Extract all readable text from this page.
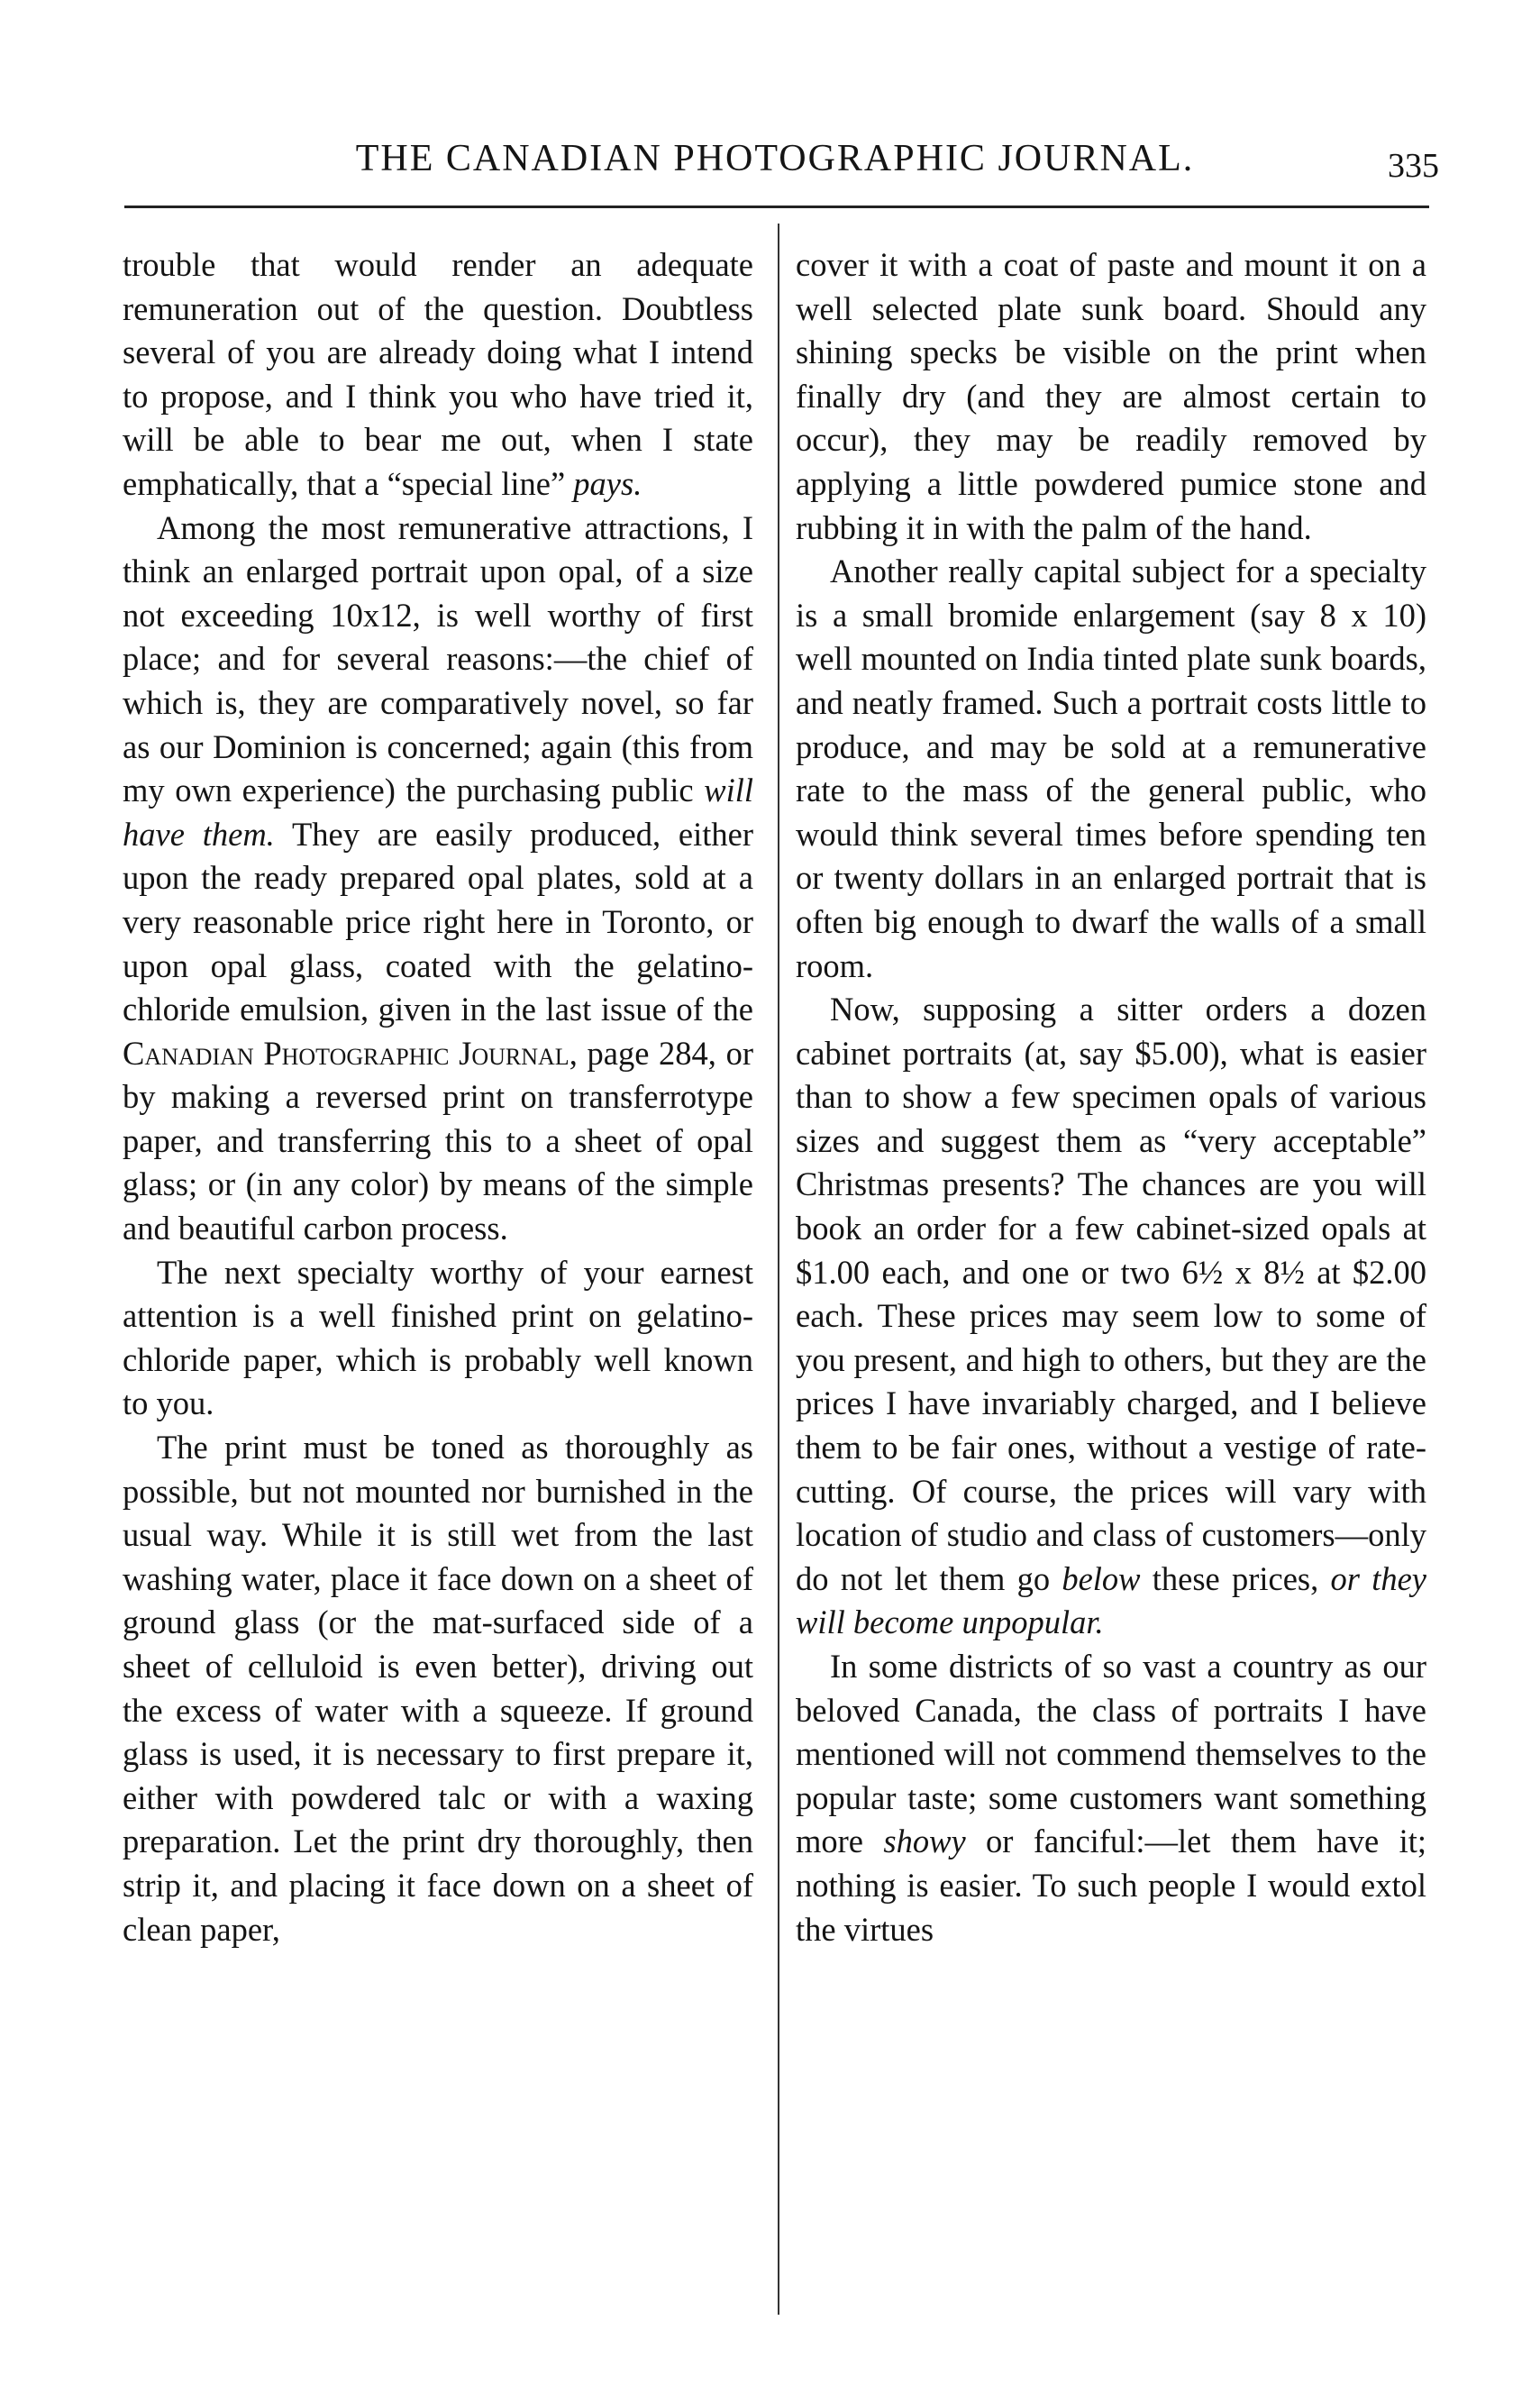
THE CANADIAN PHOTOGRAPHIC JOURNAL.	335

trouble that would render an adequate remuneration out of the question. Doubtless several of you are already doing what I intend to propose, and I think you who have tried it, will be able to bear me out, when I state emphatically, that a “special line” pays.

Among the most remunerative attractions, I think an enlarged portrait upon opal, of a size not exceeding 10x12, is well worthy of first place; and for several reasons:—the chief of which is, they are comparatively novel, so far as our Dominion is concerned; again (this from my own experience) the purchasing public will have them. They are easily produced, either upon the ready prepared opal plates, sold at a very reasonable price right here in Toronto, or upon opal glass, coated with the gelatino-chloride emulsion, given in the last issue of the Canadian Photographic Journal, page 284, or by making a reversed print on transferrotype paper, and transferring this to a sheet of opal glass; or (in any color) by means of the simple and beautiful carbon process.

The next specialty worthy of your earnest attention is a well finished print on gelatino-chloride paper, which is probably well known to you.

The print must be toned as thoroughly as possible, but not mounted nor burnished in the usual way. While it is still wet from the last washing water, place it face down on a sheet of ground glass (or the mat-surfaced side of a sheet of celluloid is even better), driving out the excess of water with a squeeze. If ground glass is used, it is necessary to first prepare it, either with powdered talc or with a waxing preparation. Let the print dry thoroughly, then strip it, and placing it face down on a sheet of clean paper,

cover it with a coat of paste and mount it on a well selected plate sunk board. Should any shining specks be visible on the print when finally dry (and they are almost certain to occur), they may be readily removed by applying a little powdered pumice stone and rubbing it in with the palm of the hand.

Another really capital subject for a specialty is a small bromide enlargement (say 8 x 10) well mounted on India tinted plate sunk boards, and neatly framed. Such a portrait costs little to produce, and may be sold at a remunerative rate to the mass of the general public, who would think several times before spending ten or twenty dollars in an enlarged portrait that is often big enough to dwarf the walls of a small room.

Now, supposing a sitter orders a dozen cabinet portraits (at, say $5.00), what is easier than to show a few specimen opals of various sizes and suggest them as “very acceptable” Christmas presents? The chances are you will book an order for a few cabinet-sized opals at $1.00 each, and one or two 6½ x 8½ at $2.00 each. These prices may seem low to some of you present, and high to others, but they are the prices I have invariably charged, and I believe them to be fair ones, without a vestige of rate-cutting. Of course, the prices will vary with location of studio and class of customers—only do not let them go below these prices, or they will become unpopular.

In some districts of so vast a country as our beloved Canada, the class of portraits I have mentioned will not commend themselves to the popular taste; some customers want something more showy or fanciful:—let them have it; nothing is easier. To such people I would extol the virtues
